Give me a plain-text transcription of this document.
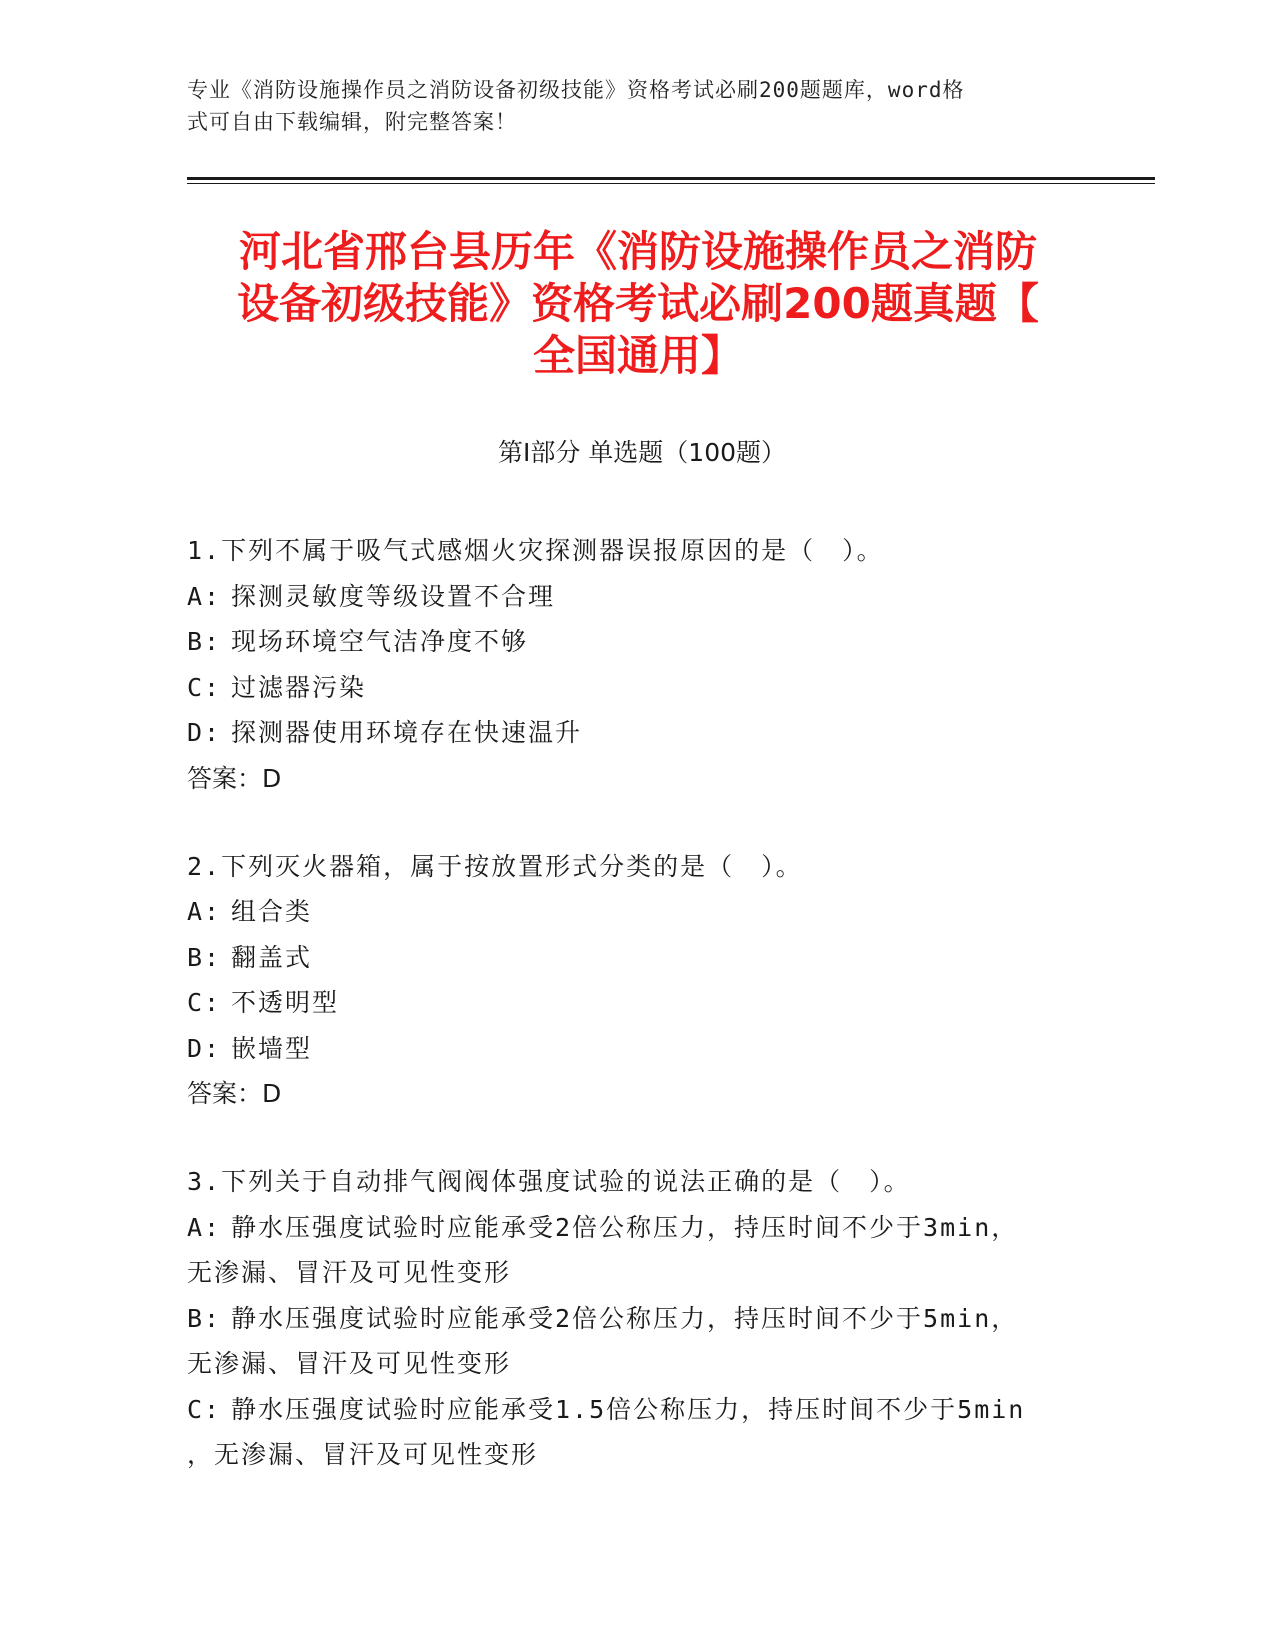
专业《消防设施操作员之消防设备初级技能》资格考试必刷200题题库，word格
式可自由下载编辑，附完整答案！
河北省邢台县历年《消防设施操作员之消防
设备初级技能》资格考试必刷200题真题【
全国通用】
第Ⅰ部分 单选题（100题）
1.下列不属于吸气式感烟火灾探测器误报原因的是（　）。
A: 探测灵敏度等级设置不合理
B: 现场环境空气洁净度不够
C: 过滤器污染
D: 探测器使用环境存在快速温升
答案：D
2.下列灭火器箱，属于按放置形式分类的是（　）。
A: 组合类
B: 翻盖式
C: 不透明型
D: 嵌墙型
答案：D
3.下列关于自动排气阀阀体强度试验的说法正确的是（　）。
A: 静水压强度试验时应能承受2倍公称压力，持压时间不少于3min，
无渗漏、冒汗及可见性变形
B: 静水压强度试验时应能承受2倍公称压力，持压时间不少于5min，
无渗漏、冒汗及可见性变形
C: 静水压强度试验时应能承受1.5倍公称压力，持压时间不少于5min
，无渗漏、冒汗及可见性变形
